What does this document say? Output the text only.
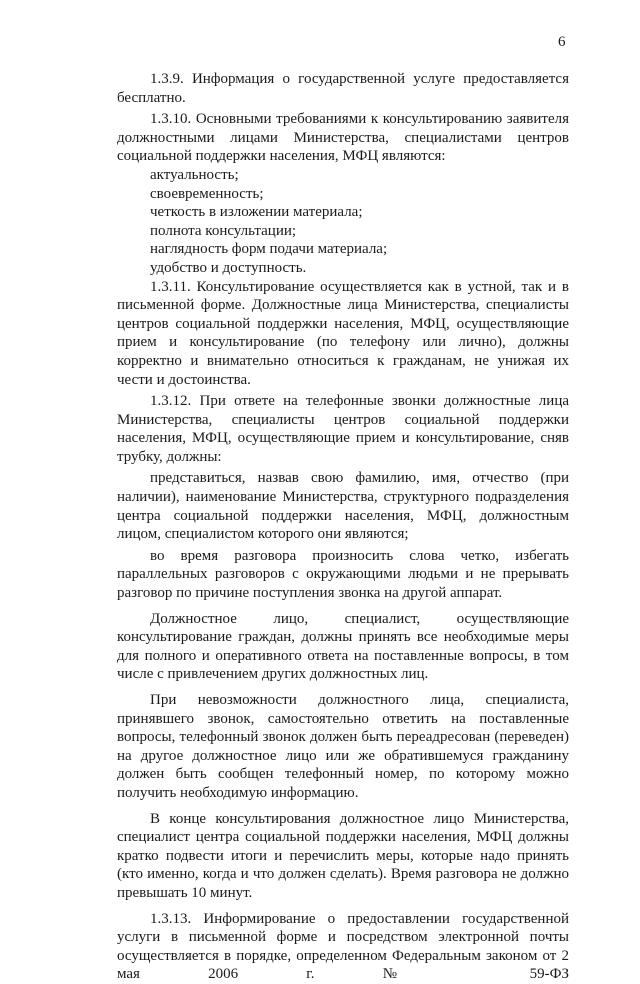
6

1.3.9. Информация о государственной услуге предоставляется бесплатно.

1.3.10. Основными требованиями к консультированию заявителя должностными лицами Министерства, специалистами центров социальной поддержки населения, МФЦ являются:

актуальность;
своевременность;
четкость в изложении материала;
полнота консультации;
наглядность форм подачи материала;
удобство и доступность.

1.3.11. Консультирование осуществляется как в устной, так и в письменной форме. Должностные лица Министерства, специалисты центров социальной поддержки населения, МФЦ, осуществляющие прием и консультирование (по телефону или лично), должны корректно и внимательно относиться к гражданам, не унижая их чести и достоинства.

1.3.12. При ответе на телефонные звонки должностные лица Министерства, специалисты центров социальной поддержки населения, МФЦ, осуществляющие прием и консультирование, сняв трубку, должны:

представиться, назвав свою фамилию, имя, отчество (при наличии), наименование Министерства, структурного подразделения центра социальной поддержки населения, МФЦ, должностным лицом, специалистом которого они являются;

во время разговора произносить слова четко, избегать параллельных разговоров с окружающими людьми и не прерывать разговор по причине поступления звонка на другой аппарат.

Должностное лицо, специалист, осуществляющие консультирование граждан, должны принять все необходимые меры для полного и оперативного ответа на поставленные вопросы, в том числе с привлечением других должностных лиц.

При невозможности должностного лица, специалиста, принявшего звонок, самостоятельно ответить на поставленные вопросы, телефонный звонок должен быть переадресован (переведен) на другое должностное лицо или же обратившемуся гражданину должен быть сообщен телефонный номер, по которому можно получить необходимую информацию.

В конце консультирования должностное лицо Министерства, специалист центра социальной поддержки населения, МФЦ должны кратко подвести итоги и перечислить меры, которые надо принять (кто именно, когда и что должен сделать). Время разговора не должно превышать 10 минут.

1.3.13. Информирование о предоставлении государственной услуги в письменной форме и посредством электронной почты осуществляется в порядке, определенном Федеральным законом от 2 мая 2006 г. № 59-ФЗ
